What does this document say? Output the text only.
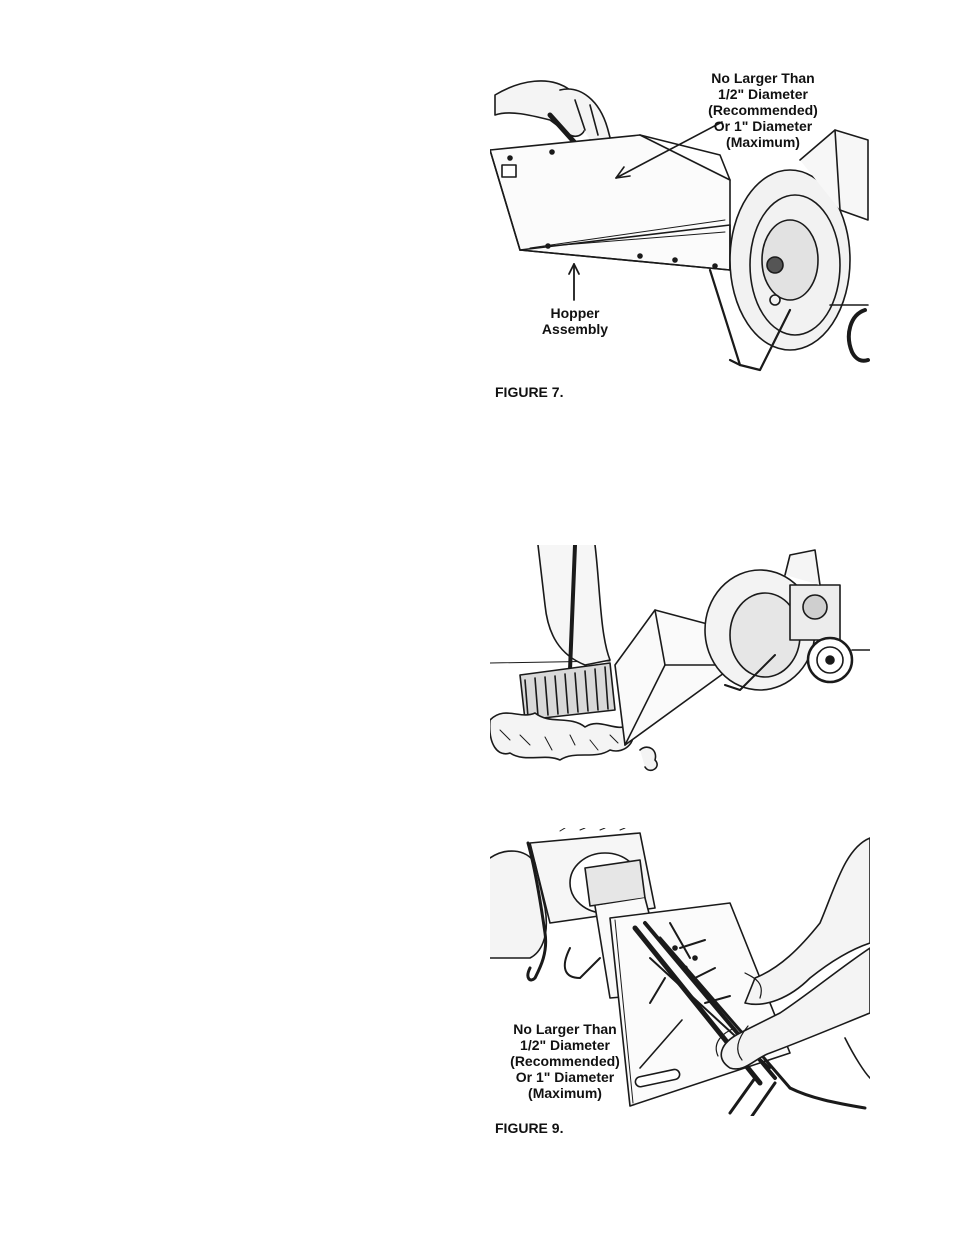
No Larger Than
1/2" Diameter
(Recommended)
Or 1" Diameter
(Maximum)
Hopper
Assembly
FIGURE 7.
No Larger Than
1/2" Diameter
(Recommended)
Or 1" Diameter
(Maximum)
FIGURE 9.
